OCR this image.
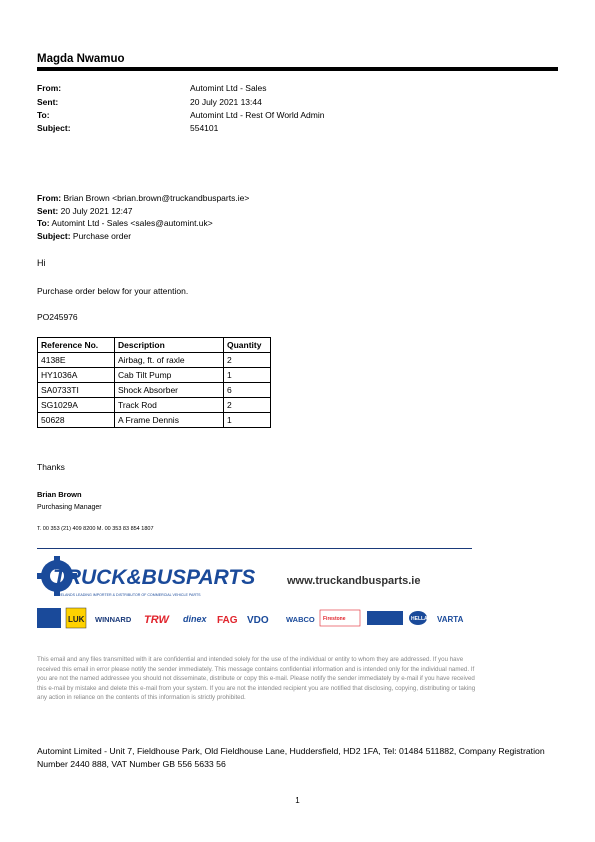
Magda Nwamuo
From:	Automint Ltd - Sales
Sent:	20 July 2021 13:44
To:	Automint Ltd - Rest Of World Admin
Subject:	554101
From: Brian Brown <brian.brown@truckandbusparts.ie>
Sent: 20 July 2021 12:47
To: Automint Ltd - Sales <sales@automint.uk>
Subject: Purchase order
Hi
Purchase order below for your attention.
PO245976
Reference No.	Description	Quantity
4138E	Airbag, ft. of raxle	2
HY1036A	Cab Tilt Pump	1
SA0733TI	Shock Absorber	6
SG1029A	Track Rod	2
50628	A Frame Dennis	1
Thanks
Brian Brown
Purchasing Manager
T. 00 353 (21) 409 8200 M. 00 353 83 854 1807
TRUCK&BUSPARTS
IRELANDS LEADING IMPORTER & DISTRIBUTOR OF COMMERCIAL VEHICLE PARTS
www.truckandbusparts.ie
LUK WINNARD TRW dinex FAG VDO WABCO Firestone	HELLA VARTA
This email and any files transmitted with it are confidential and intended solely for the use of the individual or entity to whom they are addressed. If you have received this email in error please notify the sender immediately. This message contains confidential information and is intended only for the individual named. If you are not the named addressee you should not disseminate, distribute or copy this e-mail. Please notify the sender immediately by e-mail if you have received this e-mail by mistake and delete this e-mail from your system. If you are not the intended recipient you are notified that disclosing, copying, distributing or taking any action in reliance on the contents of this information is strictly prohibited.
Automint Limited - Unit 7, Fieldhouse Park, Old Fieldhouse Lane, Huddersfield, HD2 1FA, Tel: 01484 511882, Company Registration Number 2440 888, VAT Number GB 556 5633 56
1
